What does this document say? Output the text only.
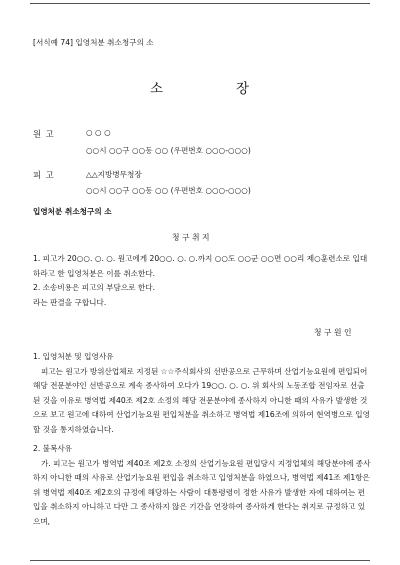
[서식예 74] 입영처분 취소청구의 소
소	장
원 고	○ ○ ○
○○시 ○○구 ○○동 ○○ (우편번호 ○○○-○○○)
피 고	△△지방병무청장
○○시 ○○구 ○○동 ○○ (우편번호 ○○○-○○○)
입영처분 취소청구의 소
청 구 취 지

1. 피고가 20○○. ○. ○. 원고에게 20○○. ○. ○.까지 ○○도 ○○군 ○○면 ○○리 제○훈련소로 입대하라고 한 입영처분은 이를 취소한다.

2. 소송비용은 피고의 부담으로 한다.

라는 판결을 구합니다.

청 구 원 인

1. 입영처분 및 입영사유

피고는 원고가 방위산업체로 지정된 ☆☆주식회사의 선반공으로 근무하며 산업기능요원에 편입되어 해당 전문분야인 선반공으로 계속 종사하여 오다가 19○○. ○. ○. 위 회사의 노동조합 전임자로 선출된 것을 이유로 병역법 제40조 제2호 소정의 해당 전문분야에 종사하지 아니한 때의 사유가 발생한 것으로 보고 원고에 대하여 산업기능요원 편입처분을 취소하고 병역법 제16조에 의하여 현역병으로 입영할 것을 통지하였습니다.

2. 불복사유

가. 피고는 원고가 병역법 제40조 제2호 소정의 산업기능요원 편입당시 지정업체의 해당분야에 종사하지 아니한 때의 사유로 산업기능요원 편입을 취소하고 입영처분을 하였으나, 병역법 제41조 제1항은 위 병역법 제40조 제2호의 규정에 해당하는 사람이 대통령령이 정한 사유가 발생한 자에 대하여는 편입을 취소하지 아니하고 다만 그 종사하지 않은 기간을 연장하여 종사하게 한다는 취지로 규정하고 있으며,
